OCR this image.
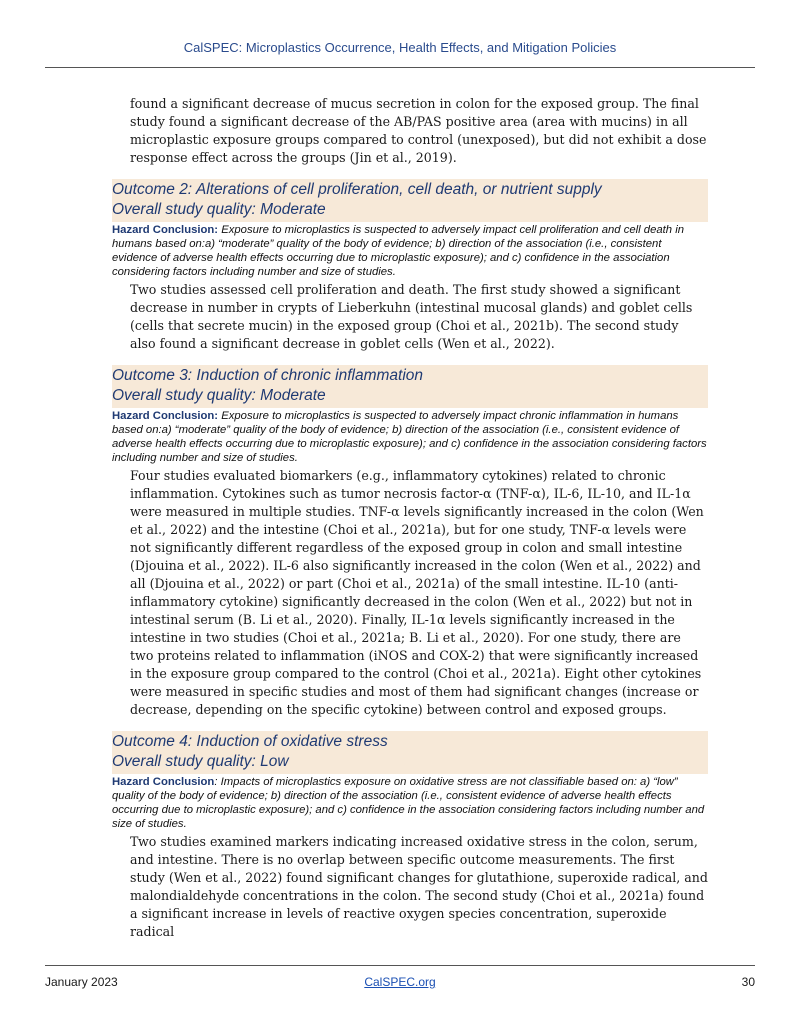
CalSPEC: Microplastics Occurrence, Health Effects, and Mitigation Policies

found a significant decrease of mucus secretion in colon for the exposed group. The final study found a significant decrease of the AB/PAS positive area (area with mucins) in all microplastic exposure groups compared to control (unexposed), but did not exhibit a dose response effect across the groups (Jin et al., 2019).

Outcome 2: Alterations of cell proliferation, cell death, or nutrient supply
Overall study quality: Moderate
Hazard Conclusion: Exposure to microplastics is suspected to adversely impact cell proliferation and cell death in humans based on:a) “moderate” quality of the body of evidence; b) direction of the association (i.e., consistent evidence of adverse health effects occurring due to microplastic exposure); and c) confidence in the association considering factors including number and size of studies.

Two studies assessed cell proliferation and death. The first study showed a significant decrease in number in crypts of Lieberkuhn (intestinal mucosal glands) and goblet cells (cells that secrete mucin) in the exposed group (Choi et al., 2021b). The second study also found a significant decrease in goblet cells (Wen et al., 2022).

Outcome 3: Induction of chronic inflammation
Overall study quality: Moderate
Hazard Conclusion: Exposure to microplastics is suspected to adversely impact chronic inflammation in humans based on:a) “moderate” quality of the body of evidence; b) direction of the association (i.e., consistent evidence of adverse health effects occurring due to microplastic exposure); and c) confidence in the association considering factors including number and size of studies.

Four studies evaluated biomarkers (e.g., inflammatory cytokines) related to chronic inflammation. Cytokines such as tumor necrosis factor-α (TNF-α), IL-6, IL-10, and IL-1α were measured in multiple studies. TNF-α levels significantly increased in the colon (Wen et al., 2022) and the intestine (Choi et al., 2021a), but for one study, TNF-α levels were not significantly different regardless of the exposed group in colon and small intestine (Djouina et al., 2022). IL-6 also significantly increased in the colon (Wen et al., 2022) and all (Djouina et al., 2022) or part (Choi et al., 2021a) of the small intestine. IL-10 (anti-inflammatory cytokine) significantly decreased in the colon (Wen et al., 2022) but not in intestinal serum (B. Li et al., 2020). Finally, IL-1α levels significantly increased in the intestine in two studies (Choi et al., 2021a; B. Li et al., 2020). For one study, there are two proteins related to inflammation (iNOS and COX-2) that were significantly increased in the exposure group compared to the control (Choi et al., 2021a). Eight other cytokines were measured in specific studies and most of them had significant changes (increase or decrease, depending on the specific cytokine) between control and exposed groups.

Outcome 4: Induction of oxidative stress
Overall study quality: Low
Hazard Conclusion: Impacts of microplastics exposure on oxidative stress are not classifiable based on: a) “low” quality of the body of evidence; b) direction of the association (i.e., consistent evidence of adverse health effects occurring due to microplastic exposure); and c) confidence in the association considering factors including number and size of studies.

Two studies examined markers indicating increased oxidative stress in the colon, serum, and intestine. There is no overlap between specific outcome measurements. The first study (Wen et al., 2022) found significant changes for glutathione, superoxide radical, and malondialdehyde concentrations in the colon. The second study (Choi et al., 2021a) found a significant increase in levels of reactive oxygen species concentration, superoxide radical

January 2023	CalSPEC.org	30
